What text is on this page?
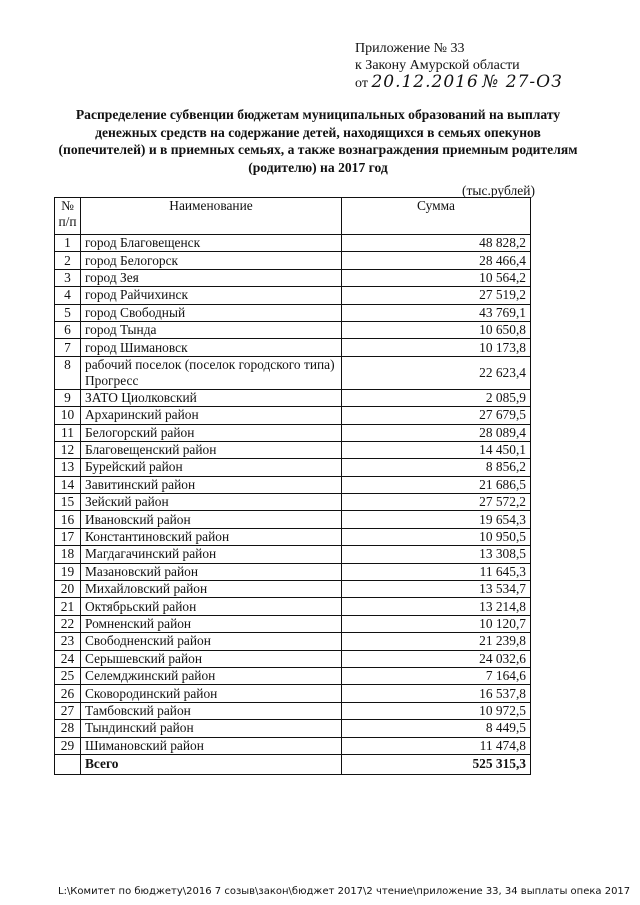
Приложение № 33
к Закону Амурской области
от 20.12.2016 № 27-ОЗ
Распределение субвенции бюджетам муниципальных образований на выплату денежных средств на содержание детей, находящихся в семьях опекунов (попечителей) и в приемных семьях, а также вознаграждения приемным родителям (родителю) на 2017 год
(тыс.рублей)
№ п/п	Наименование	Сумма
1	город Благовещенск	48 828,2
2	город Белогорск	28 466,4
3	город Зея	10 564,2
4	город Райчихинск	27 519,2
5	город Свободный	43 769,1
6	город Тында	10 650,8
7	город Шимановск	10 173,8
8	рабочий поселок (поселок городского типа) Прогресс	22 623,4
9	ЗАТО Циолковский	2 085,9
10	Архаринский район	27 679,5
11	Белогорский район	28 089,4
12	Благовещенский район	14 450,1
13	Бурейский район	8 856,2
14	Завитинский район	21 686,5
15	Зейский район	27 572,2
16	Ивановский район	19 654,3
17	Константиновский район	10 950,5
18	Магдагачинский район	13 308,5
19	Мазановский район	11 645,3
20	Михайловский район	13 534,7
21	Октябрьский район	13 214,8
22	Ромненский район	10 120,7
23	Свободненский район	21 239,8
24	Серышевский район	24 032,6
25	Селемджинский район	7 164,6
26	Сковородинский район	16 537,8
27	Тамбовский район	10 972,5
28	Тындинский район	8 449,5
29	Шимановский район	11 474,8
	Всего	525 315,3
L:\Комитет по бюджету\2016 7 созыв\закон\бюджет 2017\2 чтение\приложение 33, 34 выплаты опека 2017
